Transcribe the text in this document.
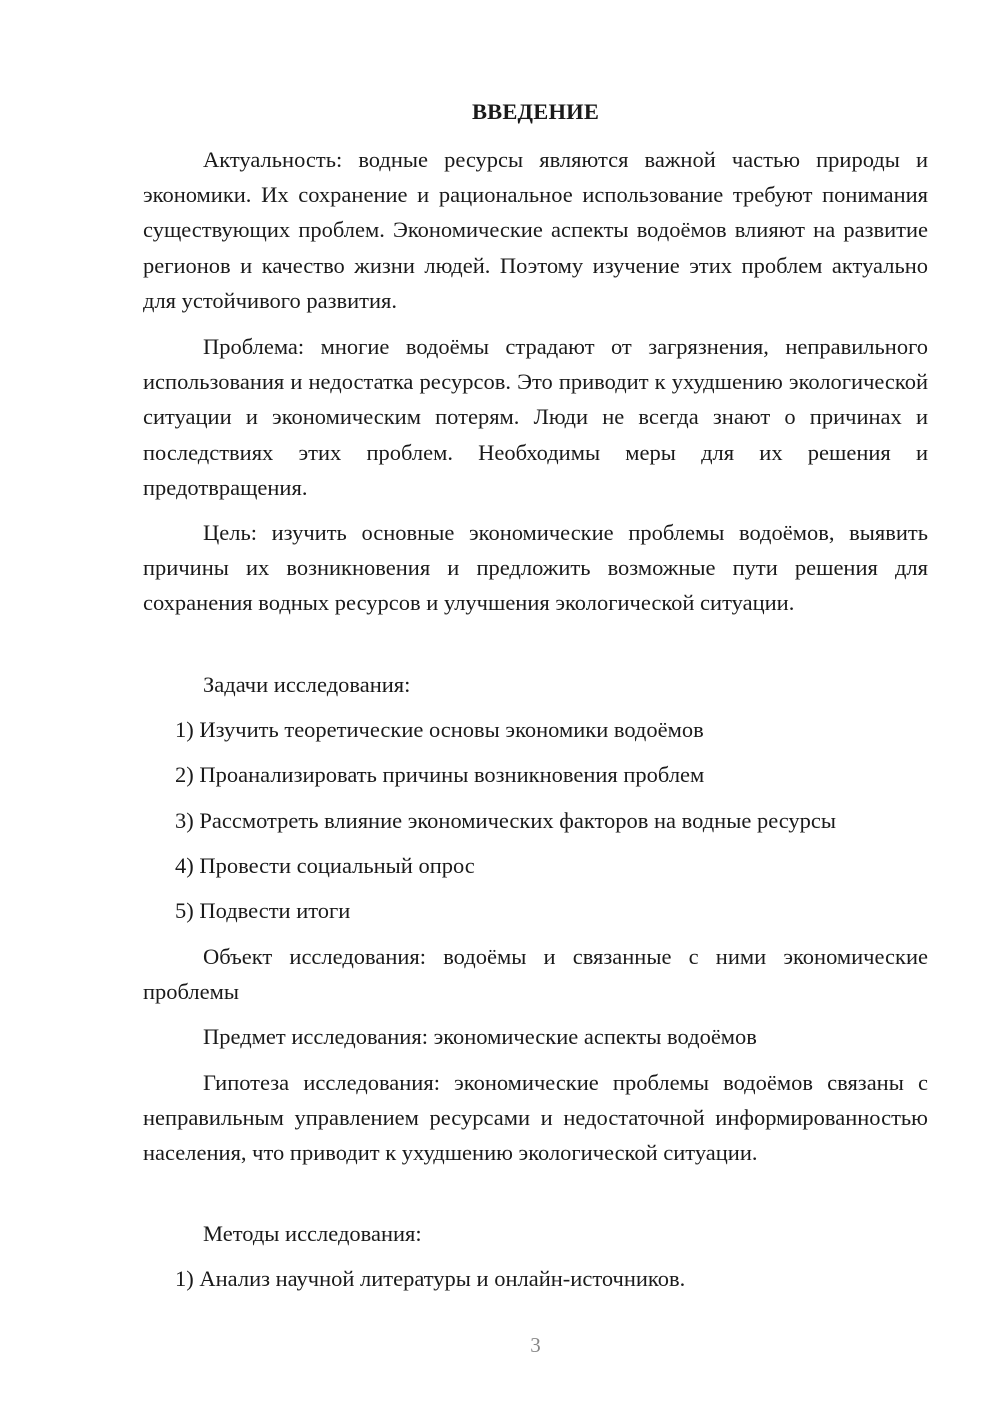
ВВЕДЕНИЕ

Актуальность: водные ресурсы являются важной частью природы и экономики. Их сохранение и рациональное использование требуют понимания существующих проблем. Экономические аспекты водоёмов влияют на развитие регионов и качество жизни людей. Поэтому изучение этих проблем актуально для устойчивого развития.

Проблема: многие водоёмы страдают от загрязнения, неправильного использования и недостатка ресурсов. Это приводит к ухудшению экологической ситуации и экономическим потерям. Люди не всегда знают о причинах и последствиях этих проблем. Необходимы меры для их решения и предотвращения.

Цель: изучить основные экономические проблемы водоёмов, выявить причины их возникновения и предложить возможные пути решения для сохранения водных ресурсов и улучшения экологической ситуации.

Задачи исследования:
1) Изучить теоретические основы экономики водоёмов
2) Проанализировать причины возникновения проблем
3) Рассмотреть влияние экономических факторов на водные ресурсы
4) Провести социальный опрос
5) Подвести итоги

Объект исследования: водоёмы и связанные с ними экономические проблемы

Предмет исследования: экономические аспекты водоёмов

Гипотеза исследования: экономические проблемы водоёмов связаны с неправильным управлением ресурсами и недостаточной информированностью населения, что приводит к ухудшению экологической ситуации.

Методы исследования:
1) Анализ научной литературы и онлайн-источников.
3
